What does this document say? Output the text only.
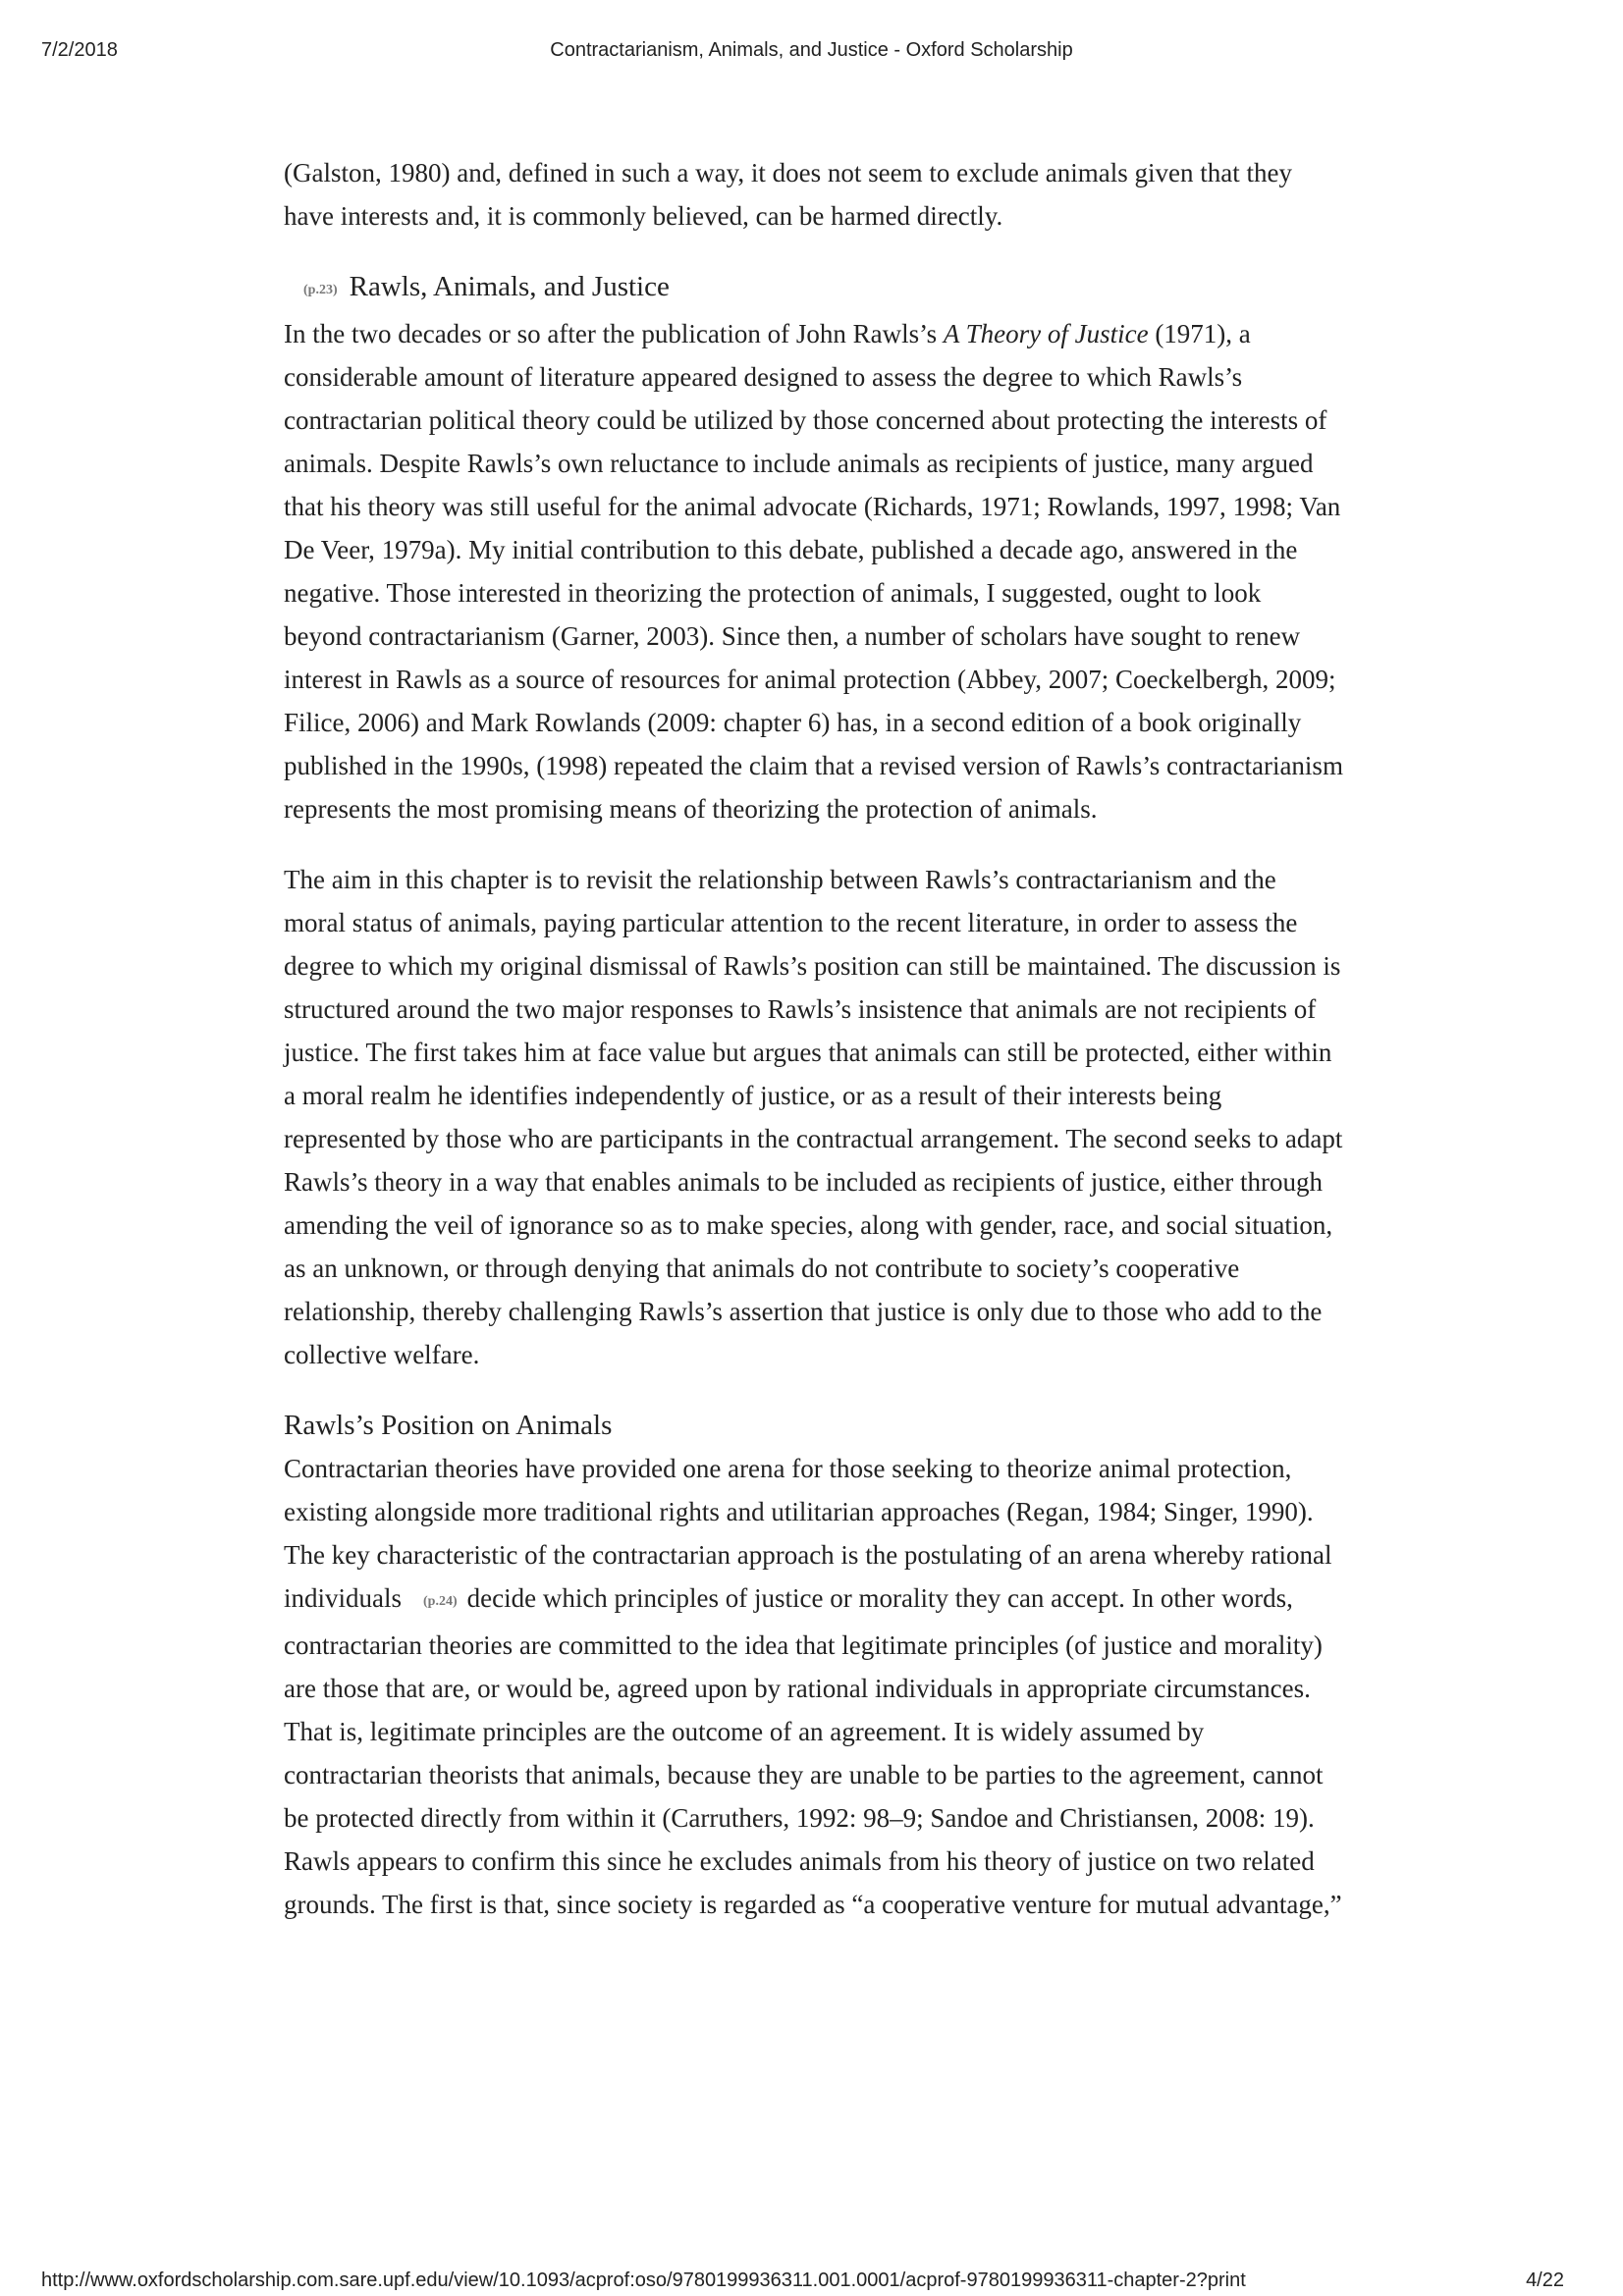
7/2/2018	Contractarianism, Animals, and Justice - Oxford Scholarship

(Galston, 1980) and, defined in such a way, it does not seem to exclude animals given that they have interests and, it is commonly believed, can be harmed directly.

(p.23) Rawls, Animals, and Justice

In the two decades or so after the publication of John Rawls’s A Theory of Justice (1971), a considerable amount of literature appeared designed to assess the degree to which Rawls’s contractarian political theory could be utilized by those concerned about protecting the interests of animals. Despite Rawls’s own reluctance to include animals as recipients of justice, many argued that his theory was still useful for the animal advocate (Richards, 1971; Rowlands, 1997, 1998; Van De Veer, 1979a). My initial contribution to this debate, published a decade ago, answered in the negative. Those interested in theorizing the protection of animals, I suggested, ought to look beyond contractarianism (Garner, 2003). Since then, a number of scholars have sought to renew interest in Rawls as a source of resources for animal protection (Abbey, 2007; Coeckelbergh, 2009; Filice, 2006) and Mark Rowlands (2009: chapter 6) has, in a second edition of a book originally published in the 1990s, (1998) repeated the claim that a revised version of Rawls’s contractarianism represents the most promising means of theorizing the protection of animals.

The aim in this chapter is to revisit the relationship between Rawls’s contractarianism and the moral status of animals, paying particular attention to the recent literature, in order to assess the degree to which my original dismissal of Rawls’s position can still be maintained. The discussion is structured around the two major responses to Rawls’s insistence that animals are not recipients of justice. The first takes him at face value but argues that animals can still be protected, either within a moral realm he identifies independently of justice, or as a result of their interests being represented by those who are participants in the contractual arrangement. The second seeks to adapt Rawls’s theory in a way that enables animals to be included as recipients of justice, either through amending the veil of ignorance so as to make species, along with gender, race, and social situation, as an unknown, or through denying that animals do not contribute to society’s cooperative relationship, thereby challenging Rawls’s assertion that justice is only due to those who add to the collective welfare.

Rawls’s Position on Animals

Contractarian theories have provided one arena for those seeking to theorize animal protection, existing alongside more traditional rights and utilitarian approaches (Regan, 1984; Singer, 1990). The key characteristic of the contractarian approach is the postulating of an arena whereby rational individuals (p.24) decide which principles of justice or morality they can accept. In other words, contractarian theories are committed to the idea that legitimate principles (of justice and morality) are those that are, or would be, agreed upon by rational individuals in appropriate circumstances. That is, legitimate principles are the outcome of an agreement. It is widely assumed by contractarian theorists that animals, because they are unable to be parties to the agreement, cannot be protected directly from within it (Carruthers, 1992: 98–9; Sandoe and Christiansen, 2008: 19). Rawls appears to confirm this since he excludes animals from his theory of justice on two related grounds. The first is that, since society is regarded as “a cooperative venture for mutual advantage,”

http://www.oxfordscholarship.com.sare.upf.edu/view/10.1093/acprof:oso/9780199936311.001.0001/acprof-9780199936311-chapter-2?print	4/22
